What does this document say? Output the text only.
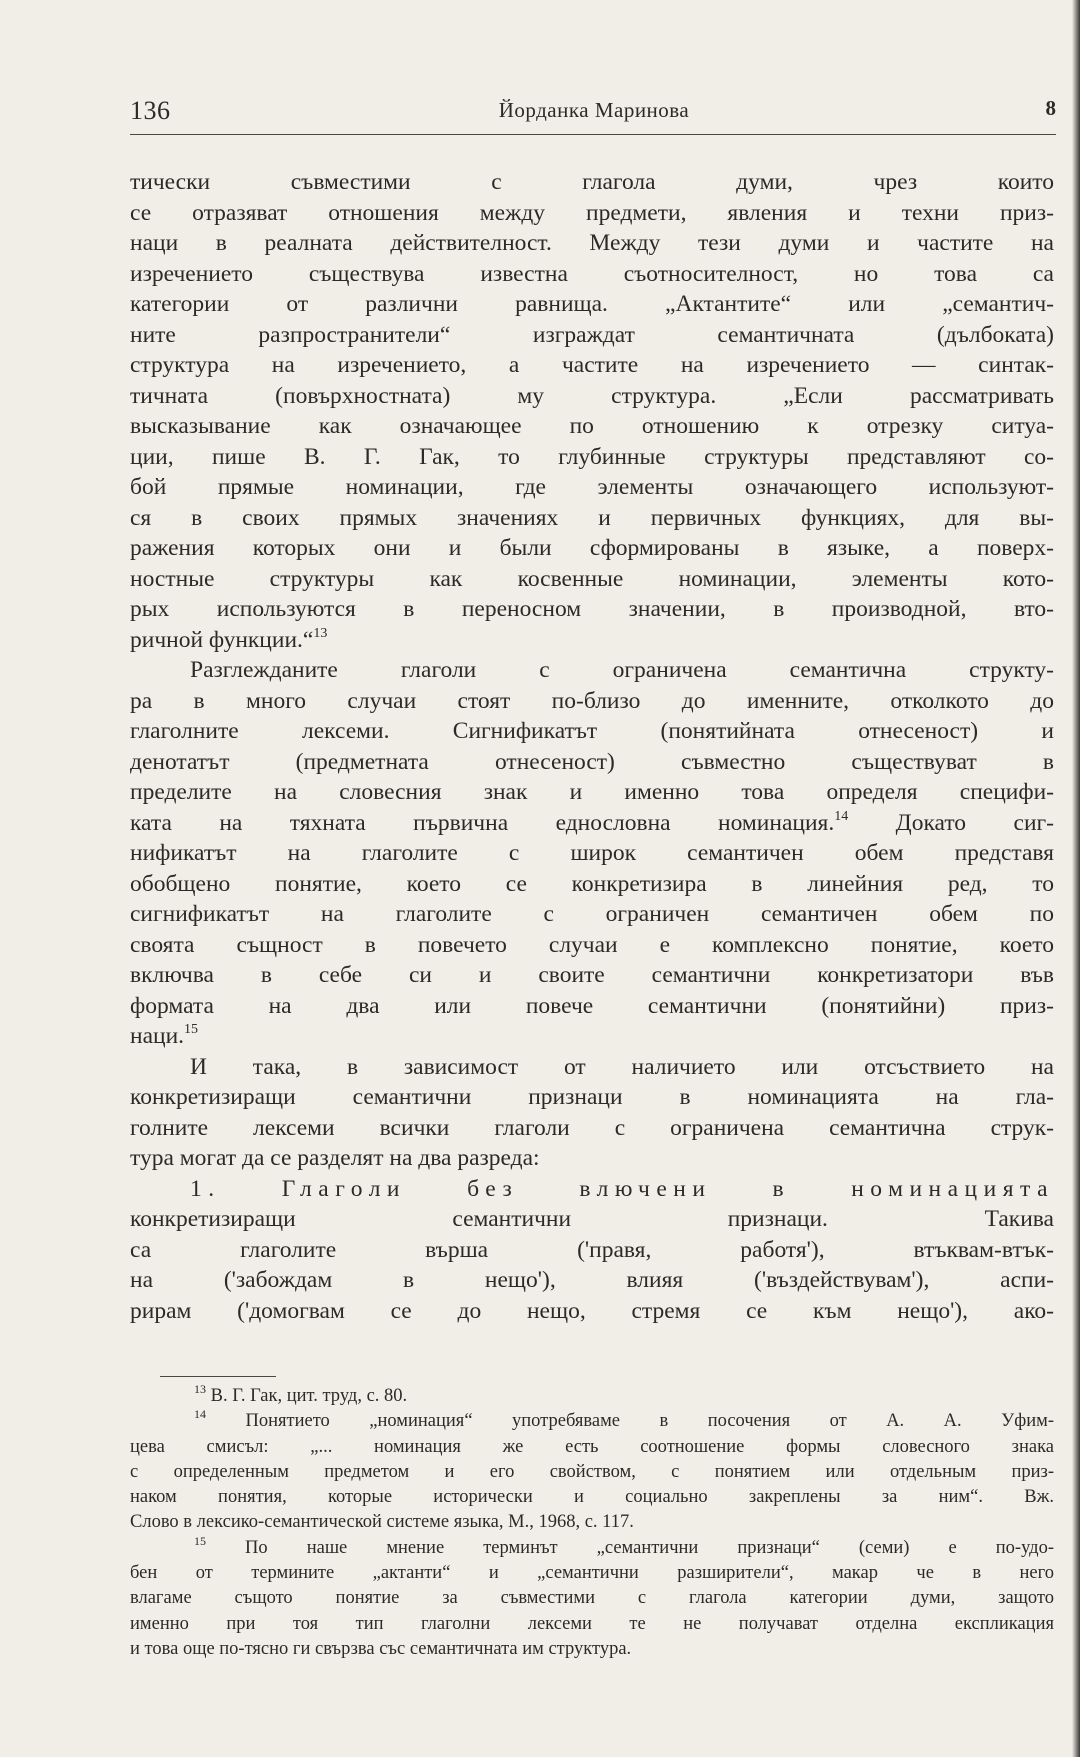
136	Йорданка Маринова	8
тически съвместими с глагола думи, чрез които
се отразяват отношения между предмети, явления и техни приз-
наци в реалната действителност. Между тези думи и частите на
изречението съществува известна съотносителност, но това са
категории от различни равнища. „Актантите“ или „семантич-
ните разпространители“ изграждат семантичната (дълбоката)
структура на изречението, а частите на изречението — синтак-
тичната (повърхностната) му структура. „Если рассматривать
высказывание как означающее по отношению к отрезку ситуа-
ции, пише В. Г. Гак, то глубинные структуры представляют со-
бой прямые номинации, где элементы означающего используют-
ся в своих прямых значениях и первичных функциях, для вы-
ражения которых они и были сформированы в языке, а поверх-
ностные структуры как косвенные номинации, элементы кото-
рых используются в переносном значении, в производной, вто-
ричной функции.“$^{13}$
Разглежданите глаголи с ограничена семантична структу-
ра в много случаи стоят по-близо до именните, отколкото до
глаголните лексеми. Сигнификатът (понятийната отнесеност) и
денотатът (предметната отнесеност) съвместно съществуват в
пределите на словесния знак и именно това определя специфи-
ката на тяхната първична еднословна номинация.$^{14}$ Докато сиг-
нификатът на глаголите с широк семантичен обем представя
обобщено понятие, което се конкретизира в линейния ред, то
сигнификатът на глаголите с ограничен семантичен обем по
своята същност в повечето случаи е комплексно понятие, което
включва в себе си и своите семантични конкретизатори във
формата на два или повече семантични (понятийни) приз-
наци.$^{15}$
И така, в зависимост от наличието или отсъствието на
конкретизиращи семантични признаци в номинацията на гла-
голните лексеми всички глаголи с ограничена семантична струк-
тура могат да се разделят на два разреда:
1. Глаголи без влючени в номинацията
конкретизиращи семантични признаци. Такива
са глаголите върша ('правя, работя'), втъквам-втък-
на ('забождам в нещо'), влияя ('въздействувам'), аспи-
рирам ('домогвам се до нещо, стремя се към нещо'), ако-
$^{13}$ В. Г. Гак, цит. труд, с. 80.
$^{14}$ Понятието „номинация“ употребяваме в посочения от А. А. Уфим-
цева смисъл: „... номинация же есть соотношение формы словесного знака
с определенным предметом и его свойством, с понятием или отдельным приз-
наком понятия, которые исторически и социально закреплены за ним“. Вж.
Слово в лексико-семантической системе языка, М., 1968, с. 117.
$^{15}$ По наше мнение терминът „семантични признаци“ (семи) е по-удо-
бен от термините „актанти“ и „семантични разширители“, макар че в него
влагаме същото понятие за съвместими с глагола категории думи, защото
именно при тоя тип глаголни лексеми те не получават отделна експликация
и това още по-тясно ги свързва със семантичната им структура.
